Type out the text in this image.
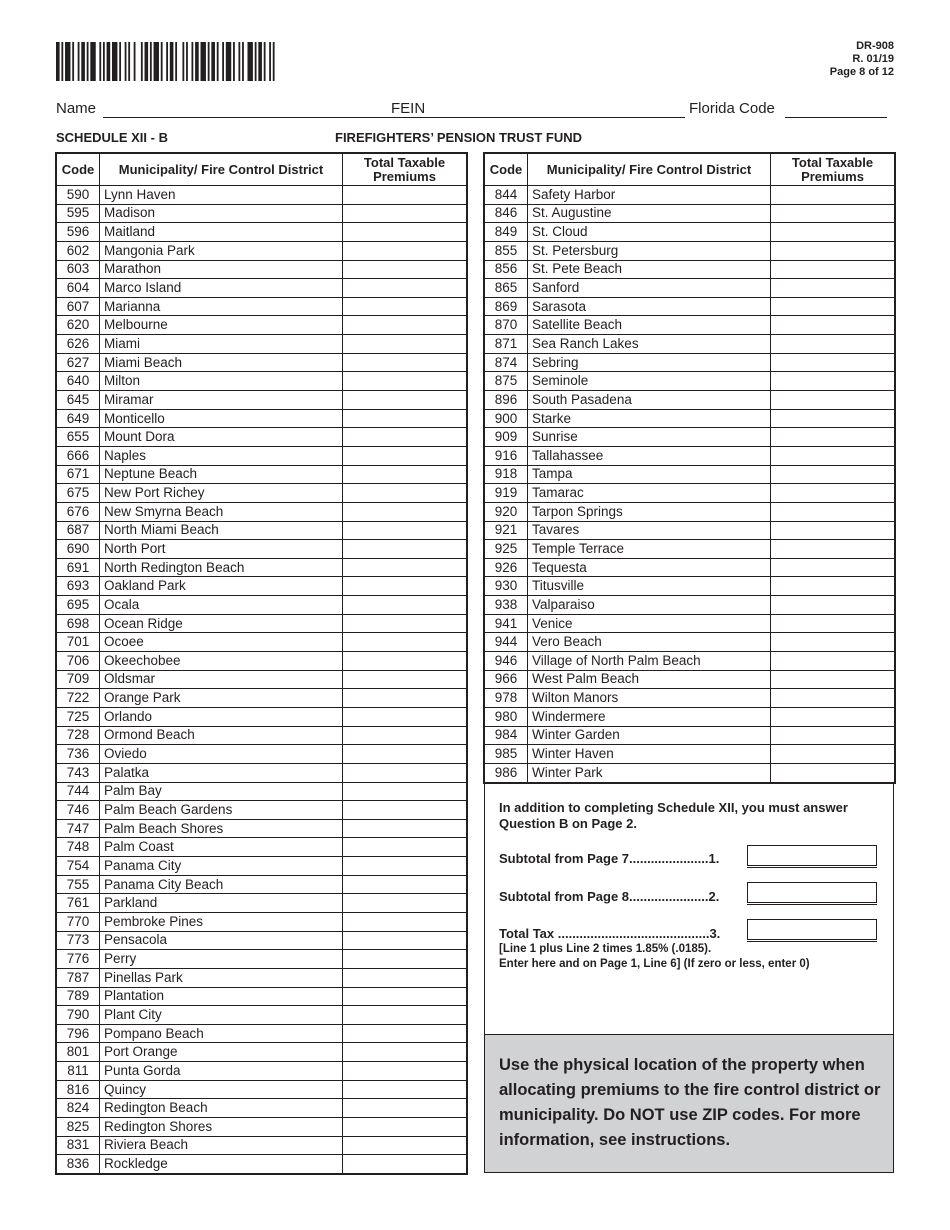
DR-908
R. 01/19
Page 8 of 12
Name	FEIN	Florida Code
SCHEDULE XII - B	FIREFIGHTERS’ PENSION TRUST FUND
Code	Municipality/ Fire Control District	Total Taxable Premiums
590	Lynn Haven	
595	Madison	
596	Maitland	
602	Mangonia Park	
603	Marathon	
604	Marco Island	
607	Marianna	
620	Melbourne	
626	Miami	
627	Miami Beach	
640	Milton	
645	Miramar	
649	Monticello	
655	Mount Dora	
666	Naples	
671	Neptune Beach	
675	New Port Richey	
676	New Smyrna Beach	
687	North Miami Beach	
690	North Port	
691	North Redington Beach	
693	Oakland Park	
695	Ocala	
698	Ocean Ridge	
701	Ocoee	
706	Okeechobee	
709	Oldsmar	
722	Orange Park	
725	Orlando	
728	Ormond Beach	
736	Oviedo	
743	Palatka	
744	Palm Bay	
746	Palm Beach Gardens	
747	Palm Beach Shores	
748	Palm Coast	
754	Panama City	
755	Panama City Beach	
761	Parkland	
770	Pembroke Pines	
773	Pensacola	
776	Perry	
787	Pinellas Park	
789	Plantation	
790	Plant City	
796	Pompano Beach	
801	Port Orange	
811	Punta Gorda	
816	Quincy	
824	Redington Beach	
825	Redington Shores	
831	Riviera Beach	
836	Rockledge	
Code	Municipality/ Fire Control District	Total Taxable Premiums
844	Safety Harbor	
846	St. Augustine	
849	St. Cloud	
855	St. Petersburg	
856	St. Pete Beach	
865	Sanford	
869	Sarasota	
870	Satellite Beach	
871	Sea Ranch Lakes	
874	Sebring	
875	Seminole	
896	South Pasadena	
900	Starke	
909	Sunrise	
916	Tallahassee	
918	Tampa	
919	Tamarac	
920	Tarpon Springs	
921	Tavares	
925	Temple Terrace	
926	Tequesta	
930	Titusville	
938	Valparaiso	
941	Venice	
944	Vero Beach	
946	Village of North Palm Beach	
966	West Palm Beach	
978	Wilton Manors	
980	Windermere	
984	Winter Garden	
985	Winter Haven	
986	Winter Park	
In addition to completing Schedule XII, you must answer Question B on Page 2.
Subtotal from Page 7......................1.
Subtotal from Page 8......................2.
Total Tax ..........................................3.
[Line 1 plus Line 2 times 1.85% (.0185).
Enter here and on Page 1, Line 6] (If zero or less, enter 0)

Use the physical location of the property when allocating premiums to the fire control district or municipality. Do NOT use ZIP codes. For more information, see instructions.
